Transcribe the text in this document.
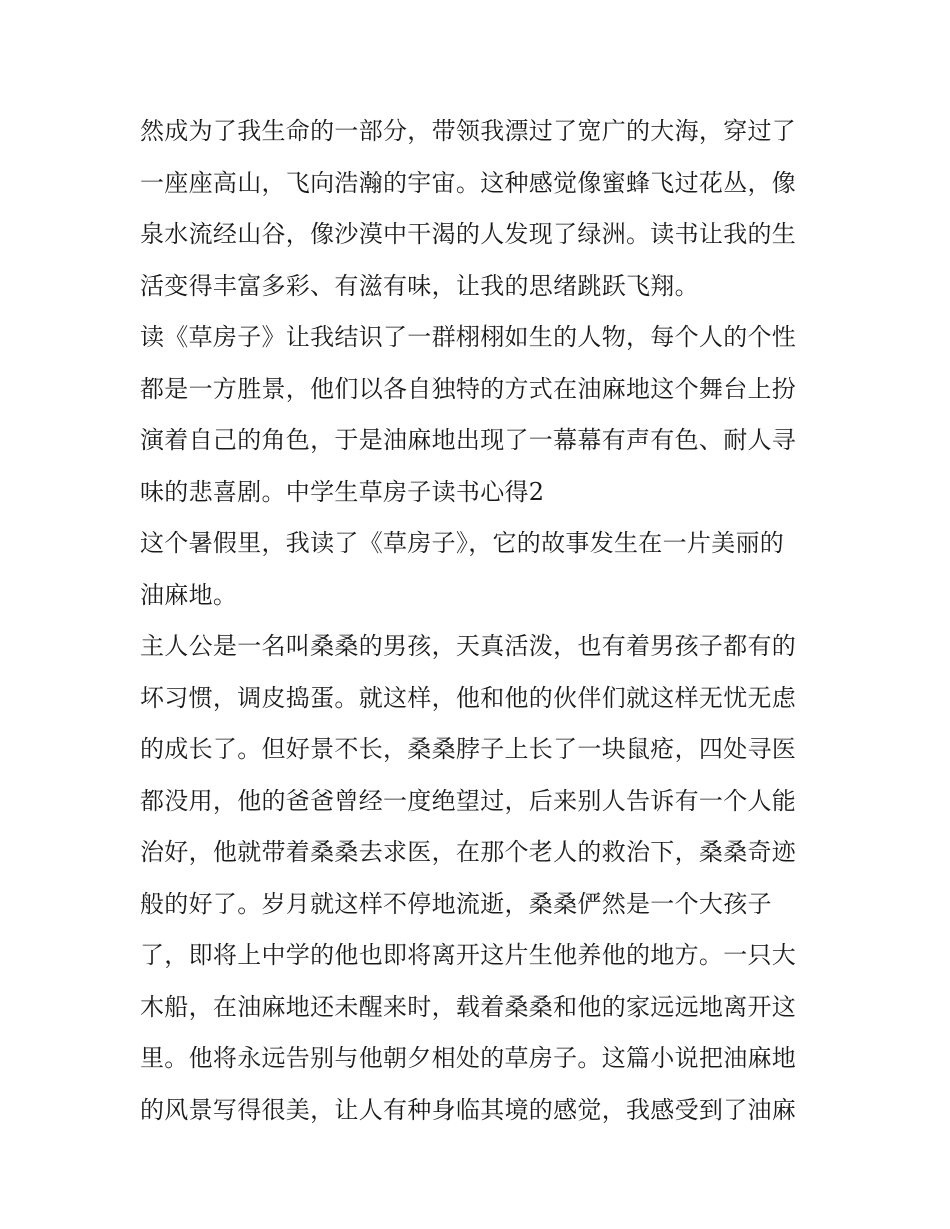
然成为了我生命的一部分，带领我漂过了宽广的大海，穿过了
一座座高山，飞向浩瀚的宇宙。这种感觉像蜜蜂飞过花丛，像
泉水流经山谷，像沙漠中干渴的人发现了绿洲。读书让我的生
活变得丰富多彩、有滋有味，让我的思绪跳跃飞翔。
读《草房子》让我结识了一群栩栩如生的人物，每个人的个性
都是一方胜景，他们以各自独特的方式在油麻地这个舞台上扮
演着自己的角色，于是油麻地出现了一幕幕有声有色、耐人寻
味的悲喜剧。中学生草房子读书心得2
这个暑假里，我读了《草房子》，它的故事发生在一片美丽的
油麻地。
主人公是一名叫桑桑的男孩，天真活泼，也有着男孩子都有的
坏习惯，调皮捣蛋。就这样，他和他的伙伴们就这样无忧无虑
的成长了。但好景不长，桑桑脖子上长了一块鼠疮，四处寻医
都没用，他的爸爸曾经一度绝望过，后来别人告诉有一个人能
治好，他就带着桑桑去求医，在那个老人的救治下，桑桑奇迹
般的好了。岁月就这样不停地流逝，桑桑俨然是一个大孩子
了，即将上中学的他也即将离开这片生他养他的地方。一只大
木船，在油麻地还未醒来时，载着桑桑和他的家远远地离开这
里。他将永远告别与他朝夕相处的草房子。这篇小说把油麻地
的风景写得很美，让人有种身临其境的感觉，我感受到了油麻
